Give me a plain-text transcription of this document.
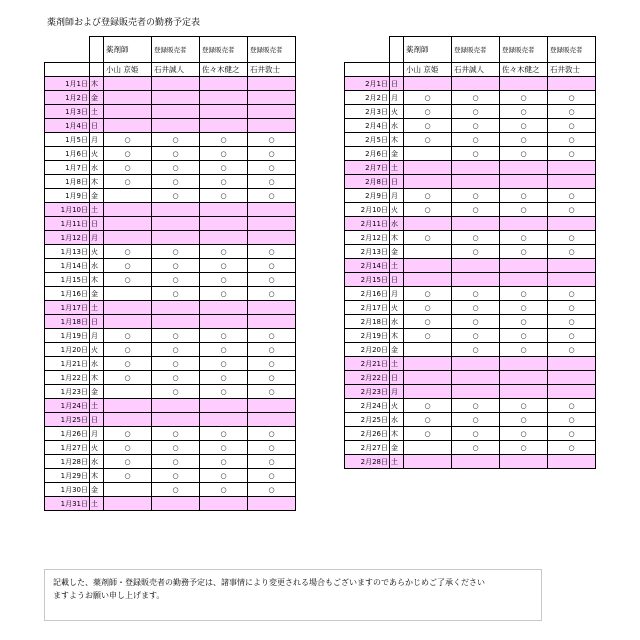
薬剤師および登録販売者の勤務予定表
		薬剤師	登録販売者	登録販売者	登録販売者
		小山 京姫	石井誠人	佐々木健之	石井敦士
1月1日	木				
1月2日	金				
1月3日	土				
1月4日	日				
1月5日	月	○	○	○	○
1月6日	火	○	○	○	○
1月7日	水	○	○	○	○
1月8日	木	○	○	○	○
1月9日	金		○	○	○
1月10日	土				
1月11日	日				
1月12日	月				
1月13日	火	○	○	○	○
1月14日	水	○	○	○	○
1月15日	木	○	○	○	○
1月16日	金		○	○	○
1月17日	土				
1月18日	日				
1月19日	月	○	○	○	○
1月20日	火	○	○	○	○
1月21日	水	○	○	○	○
1月22日	木	○	○	○	○
1月23日	金		○	○	○
1月24日	土				
1月25日	日				
1月26日	月	○	○	○	○
1月27日	火	○	○	○	○
1月28日	水	○	○	○	○
1月29日	木	○	○	○	○
1月30日	金		○	○	○
1月31日	土				
		薬剤師	登録販売者	登録販売者	登録販売者
		小山 京姫	石井誠人	佐々木健之	石井敦士
2月1日	日				
2月2日	月	○	○	○	○
2月3日	火	○	○	○	○
2月4日	水	○	○	○	○
2月5日	木	○	○	○	○
2月6日	金		○	○	○
2月7日	土				
2月8日	日				
2月9日	月	○	○	○	○
2月10日	火	○	○	○	○
2月11日	水				
2月12日	木	○	○	○	○
2月13日	金		○	○	○
2月14日	土				
2月15日	日				
2月16日	月	○	○	○	○
2月17日	火	○	○	○	○
2月18日	水	○	○	○	○
2月19日	木	○	○	○	○
2月20日	金		○	○	○
2月21日	土				
2月22日	日				
2月23日	月				
2月24日	火	○	○	○	○
2月25日	水	○	○	○	○
2月26日	木	○	○	○	○
2月27日	金		○	○	○
2月28日	土				
記載した、薬剤師・登録販売者の勤務予定は、諸事情により変更される場合もございますのであらかじめご了承ください
ますようお願い申し上げます。
